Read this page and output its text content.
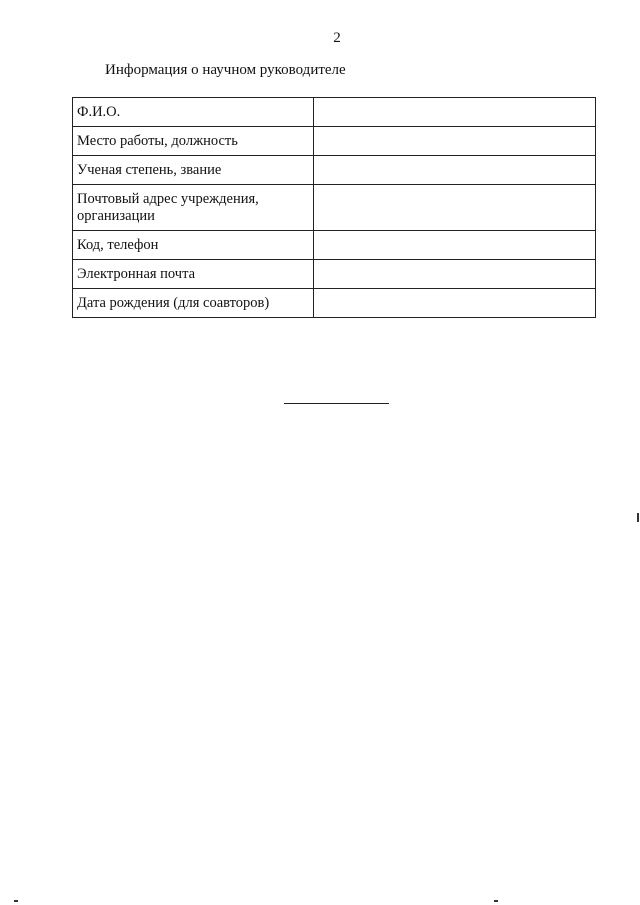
2
Информация о научном руководителе
Ф.И.О.	
Место работы, должность	
Ученая степень, звание	
Почтовый адрес учреждения, организации	
Код, телефон	
Электронная почта	
Дата рождения (для соавторов)	
